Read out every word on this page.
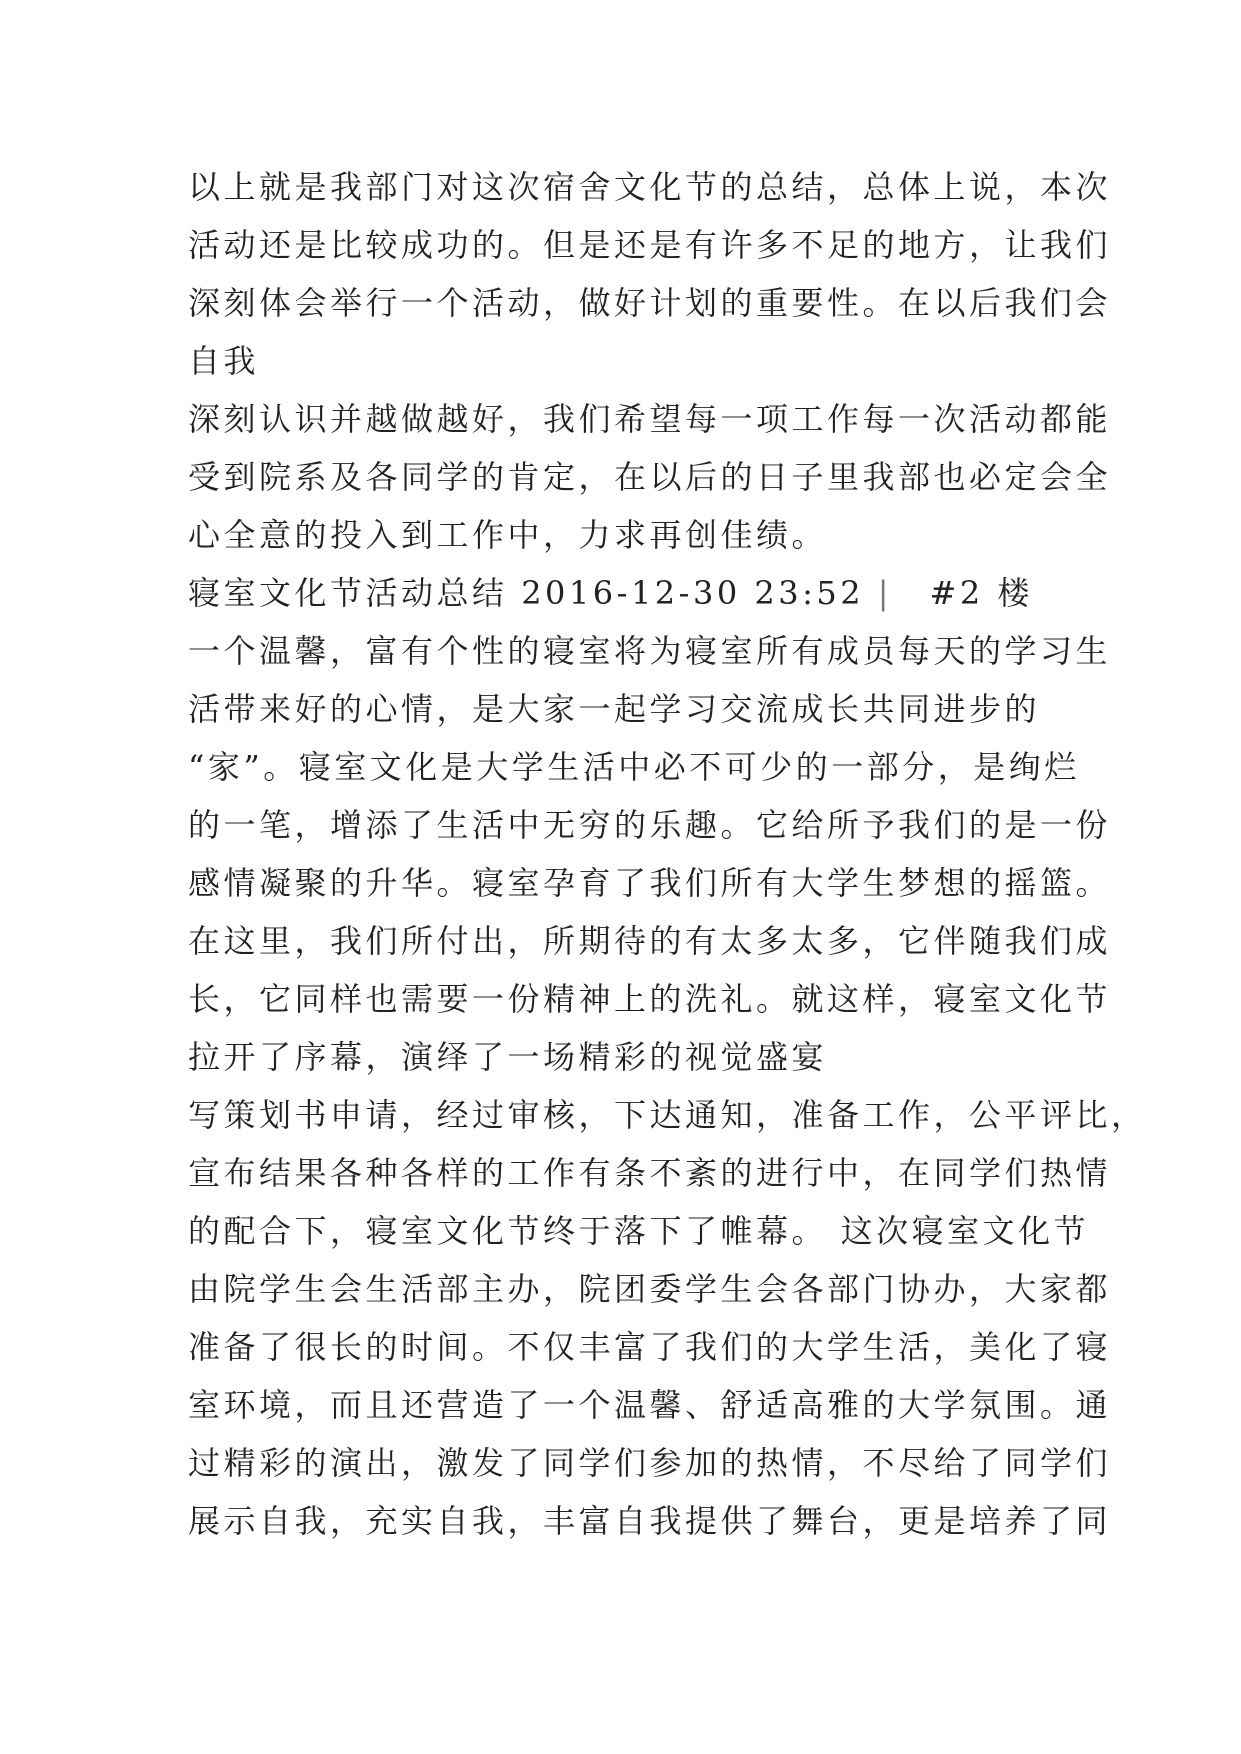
以上就是我部门对这次宿舍文化节的总结，总体上说，本次
活动还是比较成功的。但是还是有许多不足的地方，让我们
深刻体会举行一个活动，做好计划的重要性。在以后我们会
自我
深刻认识并越做越好，我们希望每一项工作每一次活动都能
受到院系及各同学的肯定，在以后的日子里我部也必定会全
心全意的投入到工作中，力求再创佳绩。
寝室文化节活动总结 2016-12-30 23:52 | #2 楼
一个温馨，富有个性的寝室将为寝室所有成员每天的学习生
活带来好的心情，是大家一起学习交流成长共同进步的
“家”。寝室文化是大学生活中必不可少的一部分，是绚烂
的一笔，增添了生活中无穷的乐趣。它给所予我们的是一份
感情凝聚的升华。寝室孕育了我们所有大学生梦想的摇篮。
在这里，我们所付出，所期待的有太多太多，它伴随我们成
长，它同样也需要一份精神上的洗礼。就这样，寝室文化节
拉开了序幕，演绎了一场精彩的视觉盛宴
写策划书申请，经过审核，下达通知，准备工作，公平评比，
宣布结果各种各样的工作有条不紊的进行中，在同学们热情
的配合下，寝室文化节终于落下了帷幕。 这次寝室文化节
由院学生会生活部主办，院团委学生会各部门协办，大家都
准备了很长的时间。不仅丰富了我们的大学生活，美化了寝
室环境，而且还营造了一个温馨、舒适高雅的大学氛围。通
过精彩的演出，激发了同学们参加的热情，不尽给了同学们
展示自我，充实自我，丰富自我提供了舞台，更是培养了同
